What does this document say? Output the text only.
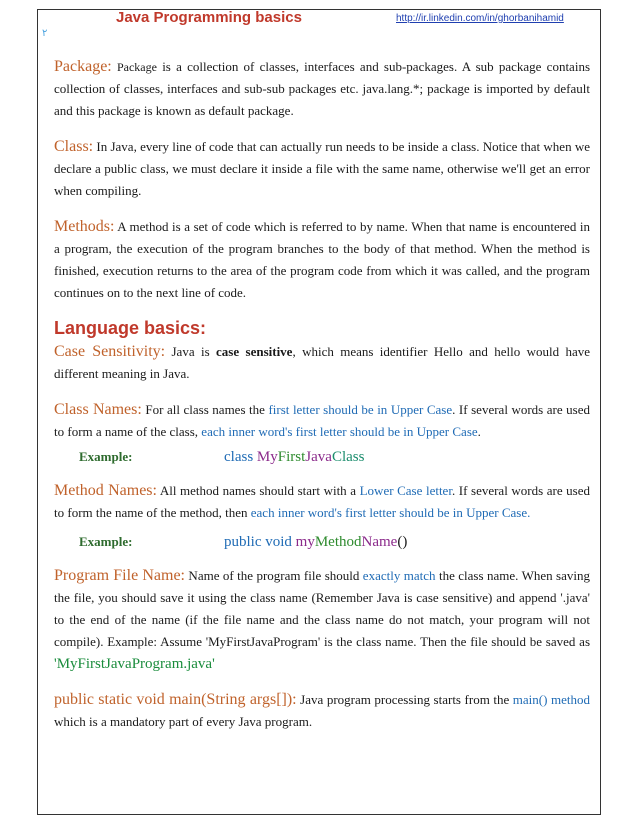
Java Programming basics	http://ir.linkedin.com/in/ghorbanihamid
۲

Package: Package is a collection of classes, interfaces and sub-packages. A sub package contains collection of classes, interfaces and sub-sub packages etc. java.lang.*; package is imported by default and this package is known as default package.

Class: In Java, every line of code that can actually run needs to be inside a class. Notice that when we declare a public class, we must declare it inside a file with the same name, otherwise we'll get an error when compiling.

Methods: A method is a set of code which is referred to by name. When that name is encountered in a program, the execution of the program branches to the body of that method. When the method is finished, execution returns to the area of the program code from which it was called, and the program continues on to the next line of code.

Language basics:

Case Sensitivity: Java is case sensitive, which means identifier Hello and hello would have different meaning in Java.

Class Names: For all class names the first letter should be in Upper Case. If several words are used to form a name of the class, each inner word's first letter should be in Upper Case.

Example:	class MyFirstJavaClass

Method Names: All method names should start with a Lower Case letter. If several words are used to form the name of the method, then each inner word's first letter should be in Upper Case.

Example:	public void myMethodName()

Program File Name: Name of the program file should exactly match the class name. When saving the file, you should save it using the class name (Remember Java is case sensitive) and append '.java' to the end of the name (if the file name and the class name do not match, your program will not compile). Example: Assume 'MyFirstJavaProgram' is the class name. Then the file should be saved as 'MyFirstJavaProgram.java'

public static void main(String args[]): Java program processing starts from the main() method which is a mandatory part of every Java program.
